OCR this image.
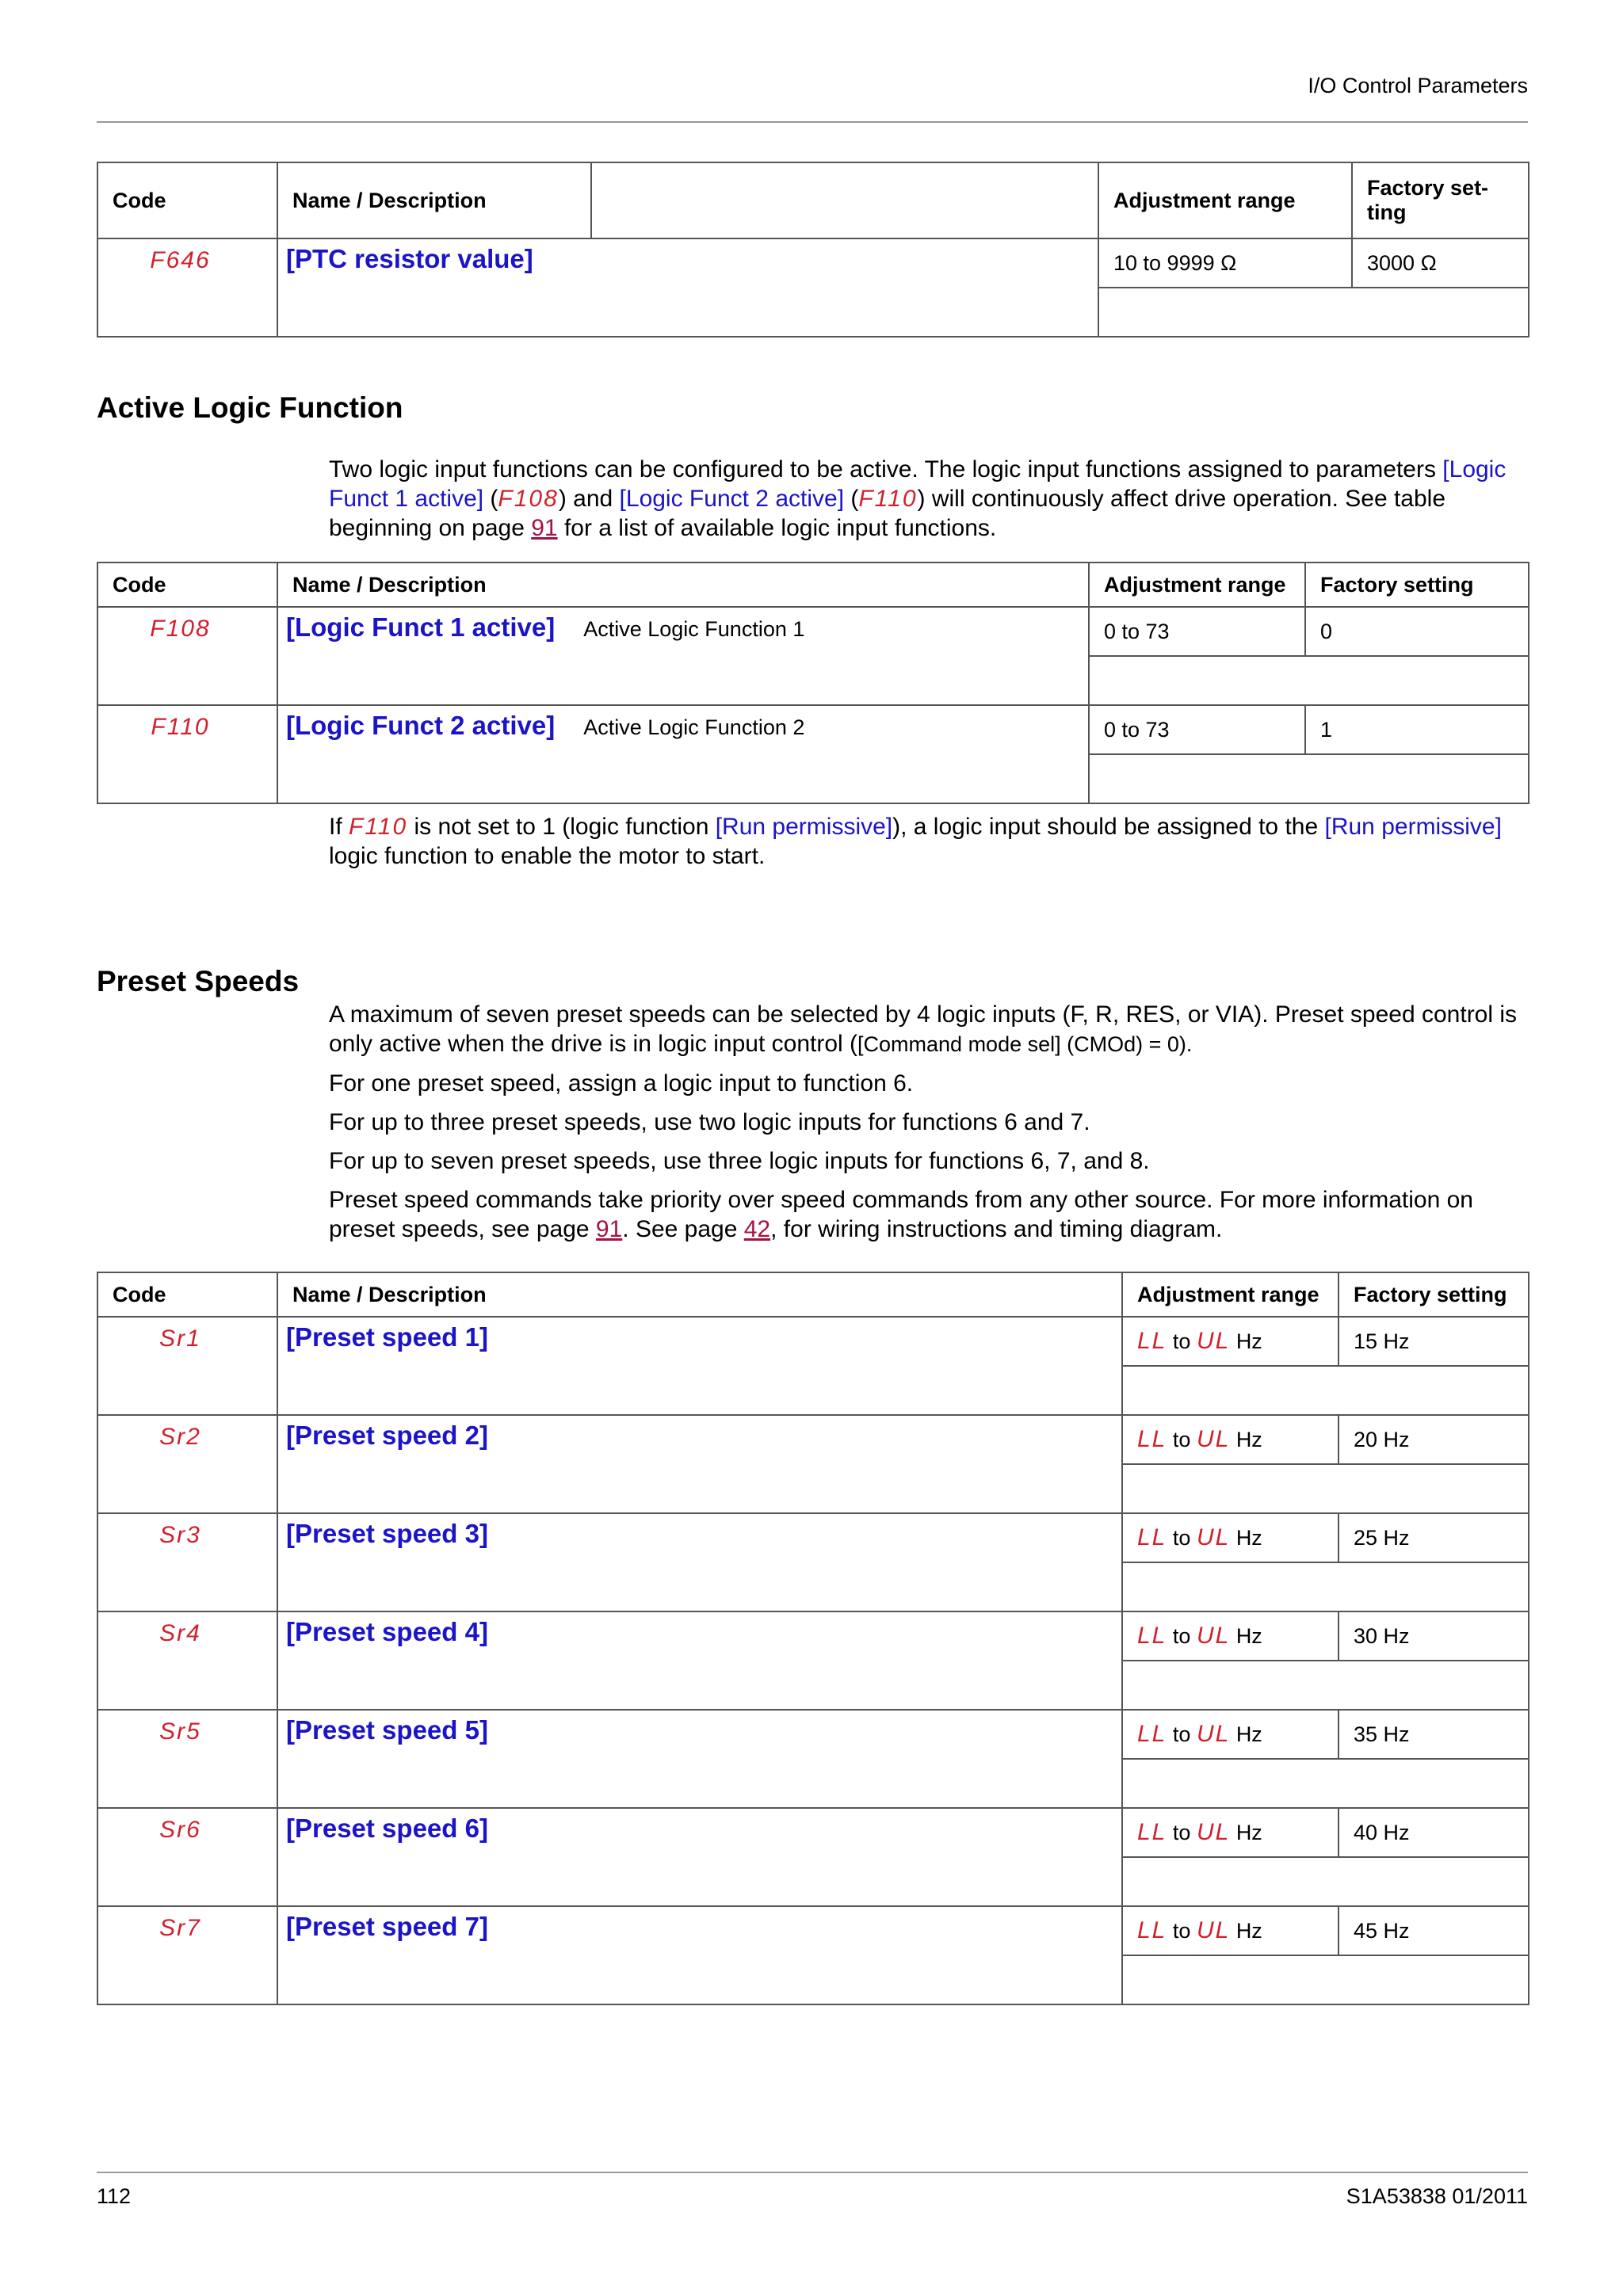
I/O Control Parameters
Code	Name / Description		Adjustment range	Factory set-
ting
F646	[PTC resistor value]		10 to 9999 Ω	3000 Ω

Active Logic Function
Two logic input functions can be configured to be active. The logic input functions assigned to parameters [Logic Funct 1 active] (F108) and [Logic Funct 2 active] (F110) will continuously affect drive operation. See table beginning on page 91 for a list of available logic input functions.
Code	Name / Description	Adjustment range	Factory setting
F108	[Logic Funct 1 active] Active Logic Function 1	0 to 73	0

F110	[Logic Funct 2 active] Active Logic Function 2	0 to 73	1

If F110 is not set to 1 (logic function [Run permissive]), a logic input should be assigned to the [Run permissive] logic function to enable the motor to start.
Preset Speeds
A maximum of seven preset speeds can be selected by 4 logic inputs (F, R, RES, or VIA). Preset speed control is only active when the drive is in logic input control ([Command mode sel] (CMOd) = 0).
For one preset speed, assign a logic input to function 6.
For up to three preset speeds, use two logic inputs for functions 6 and 7.
For up to seven preset speeds, use three logic inputs for functions 6, 7, and 8.
Preset speed commands take priority over speed commands from any other source. For more information on preset speeds, see page 91. See page 42, for wiring instructions and timing diagram.
Code	Name / Description	Adjustment range	Factory setting
Sr1	[Preset speed 1]	LL to UL Hz	15 Hz

Sr2	[Preset speed 2]	LL to UL Hz	20 Hz

Sr3	[Preset speed 3]	LL to UL Hz	25 Hz

Sr4	[Preset speed 4]	LL to UL Hz	30 Hz

Sr5	[Preset speed 5]	LL to UL Hz	35 Hz

Sr6	[Preset speed 6]	LL to UL Hz	40 Hz

Sr7	[Preset speed 7]	LL to UL Hz	45 Hz

112	S1A53838 01/2011
